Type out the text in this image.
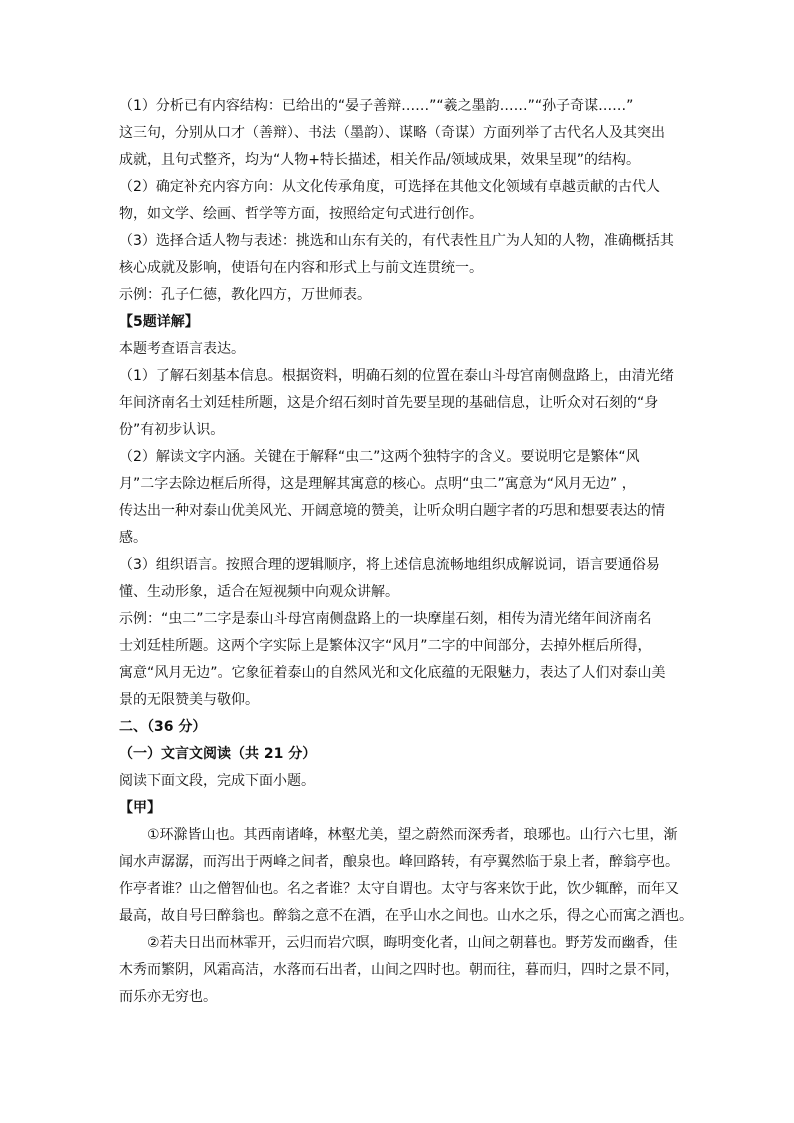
（1）分析已有内容结构：已给出的“晏子善辩……”“羲之墨韵……”“孙子奇谋……”
这三句，分别从口才（善辩）、书法（墨韵）、谋略（奇谋）方面列举了古代名人及其突出
成就，且句式整齐，均为“人物+特长描述，相关作品/领域成果，效果呈现”的结构。
（2）确定补充内容方向：从文化传承角度，可选择在其他文化领域有卓越贡献的古代人
物，如文学、绘画、哲学等方面，按照给定句式进行创作。
（3）选择合适人物与表述：挑选和山东有关的，有代表性且广为人知的人物，准确概括其
核心成就及影响，使语句在内容和形式上与前文连贯统一。
示例：孔子仁德，教化四方，万世师表。
【5题详解】
本题考查语言表达。
（1）了解石刻基本信息。根据资料，明确石刻的位置在泰山斗母宫南侧盘路上，由清光绪
年间济南名士刘廷桂所题，这是介绍石刻时首先要呈现的基础信息，让听众对石刻的“身
份”有初步认识。
（2）解读文字内涵。关键在于解释“虫二”这两个独特字的含义。要说明它是繁体“风
月”二字去除边框后所得，这是理解其寓意的核心。点明“虫二”寓意为“风月无边” ，
传达出一种对泰山优美风光、开阔意境的赞美，让听众明白题字者的巧思和想要表达的情
感。
（3）组织语言。按照合理的逻辑顺序，将上述信息流畅地组织成解说词，语言要通俗易
懂、生动形象，适合在短视频中向观众讲解。
示例：“虫二”二字是泰山斗母宫南侧盘路上的一块摩崖石刻，相传为清光绪年间济南名
士刘廷桂所题。这两个字实际上是繁体汉字“风月”二字的中间部分，去掉外框后所得，
寓意“风月无边”。它象征着泰山的自然风光和文化底蕴的无限魅力，表达了人们对泰山美
景的无限赞美与敬仰。
二、（36 分）
（一）文言文阅读（共 21 分）
阅读下面文段，完成下面小题。
【甲】
①环滁皆山也。其西南诸峰，林壑尤美，望之蔚然而深秀者，琅琊也。山行六七里，渐
闻水声潺潺，而泻出于两峰之间者，酿泉也。峰回路转，有亭翼然临于泉上者，醉翁亭也。
作亭者谁？山之僧智仙也。名之者谁？太守自谓也。太守与客来饮于此，饮少辄醉，而年又
最高，故自号曰醉翁也。醉翁之意不在酒，在乎山水之间也。山水之乐，得之心而寓之酒也。
②若夫日出而林霏开，云归而岩穴暝，晦明变化者，山间之朝暮也。野芳发而幽香，佳
木秀而繁阴，风霜高洁，水落而石出者，山间之四时也。朝而往，暮而归，四时之景不同，
而乐亦无穷也。
